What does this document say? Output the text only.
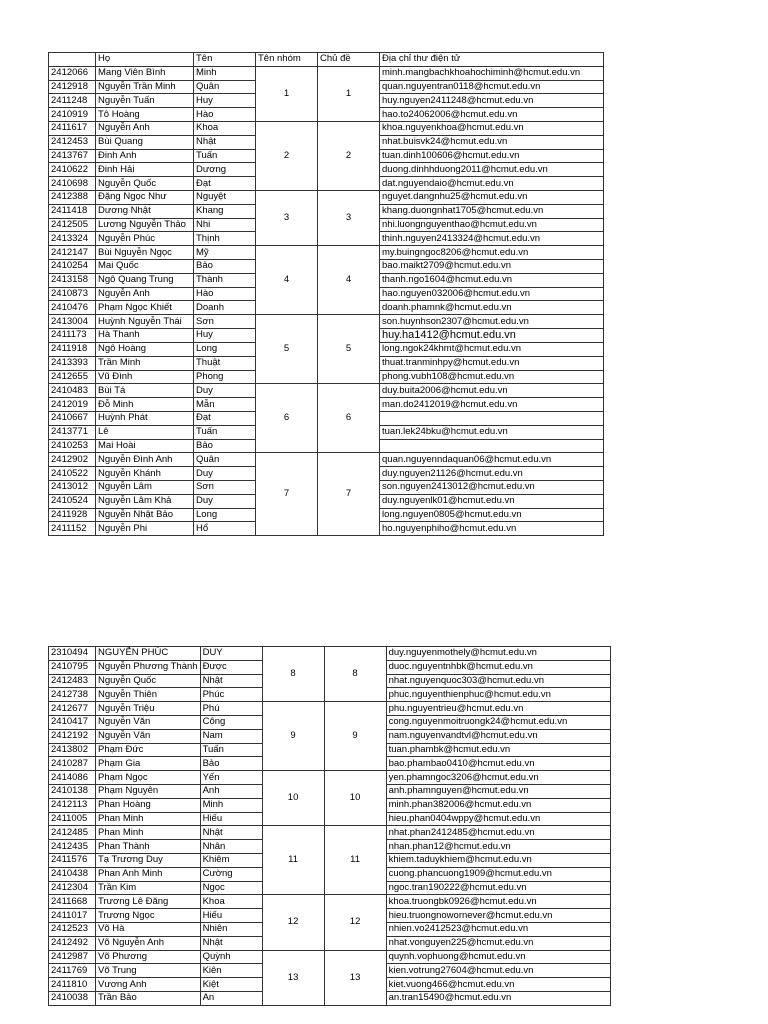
	Họ	Tên	Tên nhóm	Chủ đề	Địa chỉ thư điện tử
2412066	Mang Viên Bình	Minh	1	1	minh.mangbachkhoahochiminh@hcmut.edu.vn
2412918	Nguyễn Trần Minh	Quân			quan.nguyentran0118@hcmut.edu.vn
2411248	Nguyễn Tuấn	Huy			huy.nguyen2411248@hcmut.edu.vn
2410919	Tô Hoàng	Hào			hao.to24062006@hcmut.edu.vn
2411617	Nguyễn Anh	Khoa	2	2	khoa.nguyenkhoa@hcmut.edu.vn
2412453	Bùi Quang	Nhật			nhat.buisvk24@hcmut.edu.vn
2413767	Đinh Anh	Tuấn			tuan.dinh100606@hcmut.edu.vn
2410622	Đinh Hải	Dương			duong.dinhhduong2011@hcmut.edu.vn
2410698	Nguyễn Quốc	Đạt			dat.nguyendaio@hcmut.edu.vn
2412388	Đặng Ngọc Như	Nguyệt	3	3	nguyet.dangnhu25@hcmut.edu.vn
2411418	Dương Nhật	Khang			khang.duongnhat1705@hcmut.edu.vn
2412505	Lương Nguyễn Thảo	Nhi			nhi.luongnguyenthao@hcmut.edu.vn
2413324	Nguyễn Phúc	Thịnh			thinh.nguyen2413324@hcmut.edu.vn
2412147	Bùi Nguyễn Ngọc	Mỹ	4	4	my.buingngoc8206@hcmut.edu.vn
2410254	Mai Quốc	Bảo			bao.maikt2709@hcmut.edu.vn
2413158	Ngô Quang Trung	Thành			thanh.ngo1604@hcmut.edu.vn
2410873	Nguyễn Anh	Hào			hao.nguyen032006@hcmut.edu.vn
2410476	Phạm Ngọc Khiết	Doanh			doanh.phamnk@hcmut.edu.vn
2413004	Huỳnh Nguyễn Thái	Sơn	5	5	son.huynhson2307@hcmut.edu.vn
2411173	Hà Thanh	Huy			huy.ha1412@hcmut.edu.vn
2411918	Ngô Hoàng	Long			long.ngok24khmt@hcmut.edu.vn
2413393	Trần Minh	Thuật			thuat.tranminhpy@hcmut.edu.vn
2412655	Vũ Đình	Phong			phong.vubh108@hcmut.edu.vn
2410483	Bùi Tá	Duy	6	6	duy.buita2006@hcmut.edu.vn
2412019	Đỗ Minh	Mẫn			man.do2412019@hcmut.edu.vn
2410667	Huỳnh Phát	Đạt			
2413771	Lê	Tuấn			tuan.lek24bku@hcmut.edu.vn
2410253	Mai Hoài	Bảo			
2412902	Nguyễn Đình Anh	Quân	7	7	quan.nguyenndaquan06@hcmut.edu.vn
2410522	Nguyễn Khánh	Duy			duy.nguyen21126@hcmut.edu.vn
2413012	Nguyễn Lâm	Sơn			son.nguyen2413012@hcmut.edu.vn
2410524	Nguyễn Lâm Khả	Duy			duy.nguyenlk01@hcmut.edu.vn
2411928	Nguyễn Nhật Bảo	Long			long.nguyen0805@hcmut.edu.vn
2411152	Nguyễn Phi	Hổ			ho.nguyenphiho@hcmut.edu.vn
2310494	NGUYỄN PHÚC	DUY	8	8	duy.nguyenmothely@hcmut.edu.vn
2410795	Nguyễn Phương Thành	Được			duoc.nguyentnhbk@hcmut.edu.vn
2412483	Nguyễn Quốc	Nhật			nhat.nguyenquoc303@hcmut.edu.vn
2412738	Nguyễn Thiên	Phúc			phuc.nguyenthienphuc@hcmut.edu.vn
2412677	Nguyễn Triệu	Phú	9	9	phu.nguyentrieu@hcmut.edu.vn
2410417	Nguyễn Văn	Công			cong.nguyenmoitruongk24@hcmut.edu.vn
2412192	Nguyễn Văn	Nam			nam.nguyenvandtvl@hcmut.edu.vn
2413802	Phạm Đức	Tuấn			tuan.phambk@hcmut.edu.vn
2410287	Phạm Gia	Bảo			bao.phambao0410@hcmut.edu.vn
2414086	Phạm Ngọc	Yến	10	10	yen.phamngoc3206@hcmut.edu.vn
2410138	Phạm Nguyên	Anh			anh.phamnguyen@hcmut.edu.vn
2412113	Phan Hoàng	Minh			minh.phan382006@hcmut.edu.vn
2411005	Phan Minh	Hiếu			hieu.phan0404wppy@hcmut.edu.vn
2412485	Phan Minh	Nhật	11	11	nhat.phan2412485@hcmut.edu.vn
2412435	Phan Thành	Nhân			nhan.phan12@hcmut.edu.vn
2411576	Tạ Trương Duy	Khiêm			khiem.taduykhiem@hcmut.edu.vn
2410438	Phan Anh Minh	Cường			cuong.phancuong1909@hcmut.edu.vn
2412304	Trần Kim	Ngọc			ngoc.tran190222@hcmut.edu.vn
2411668	Trương Lê Đăng	Khoa	12	12	khoa.truongbk0926@hcmut.edu.vn
2411017	Trương Ngọc	Hiếu			hieu.truongnowornever@hcmut.edu.vn
2412523	Võ Hà	Nhiên			nhien.vo2412523@hcmut.edu.vn
2412492	Võ Nguyễn Anh	Nhật			nhat.vonguyen225@hcmut.edu.vn
2412987	Võ Phương	Quỳnh	13	13	quynh.vophuong@hcmut.edu.vn
2411769	Võ Trung	Kiên			kien.votrung27604@hcmut.edu.vn
2411810	Vương Anh	Kiệt			kiet.vuong466@hcmut.edu.vn
2410038	Trần Bảo	An			an.tran15490@hcmut.edu.vn
